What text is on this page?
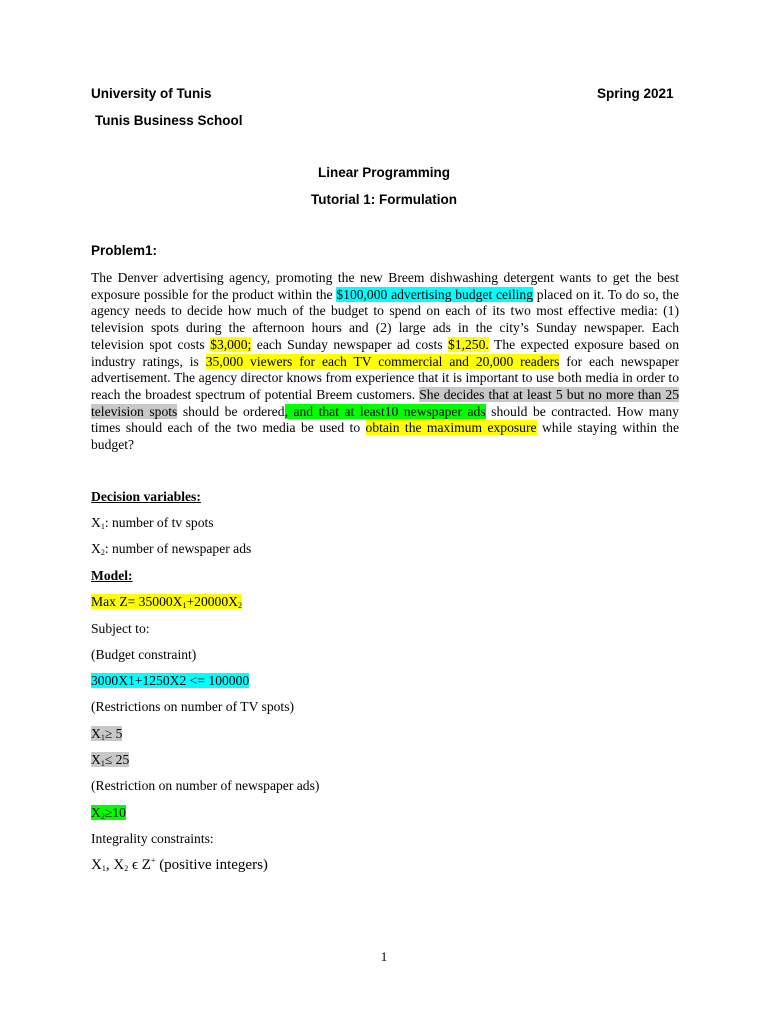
University of Tunis	Spring 2021
Tunis Business School
Linear Programming
Tutorial 1: Formulation
Problem1:
The Denver advertising agency, promoting the new Breem dishwashing detergent wants to get the best exposure possible for the product within the $100,000 advertising budget ceiling placed on it. To do so, the agency needs to decide how much of the budget to spend on each of its two most effective media: (1) television spots during the afternoon hours and (2) large ads in the city’s Sunday newspaper. Each television spot costs $3,000; each Sunday newspaper ad costs $1,250. The expected exposure based on industry ratings, is 35,000 viewers for each TV commercial and 20,000 readers for each newspaper advertisement. The agency director knows from experience that it is important to use both media in order to reach the broadest spectrum of potential Breem customers. She decides that at least 5 but no more than 25 television spots should be ordered, and that at least10 newspaper ads should be contracted. How many times should each of the two media be used to obtain the maximum exposure while staying within the budget?
Decision variables:
$X_1$: number of tv spots
$X_2$: number of newspaper ads
Model:
Max $Z= 35000X_1+20000X_2$
Subject to:
(Budget constraint)
3000X1+1250X2 <= 100000
(Restrictions on number of TV spots)
$X_1\ge 5$
$X_1\le 25$
(Restriction on number of newspaper ads)
$X_2\ge 10$
Integrality constraints:
$X_1$, $X_2$ ϵ Z+ (positive integers)
1
